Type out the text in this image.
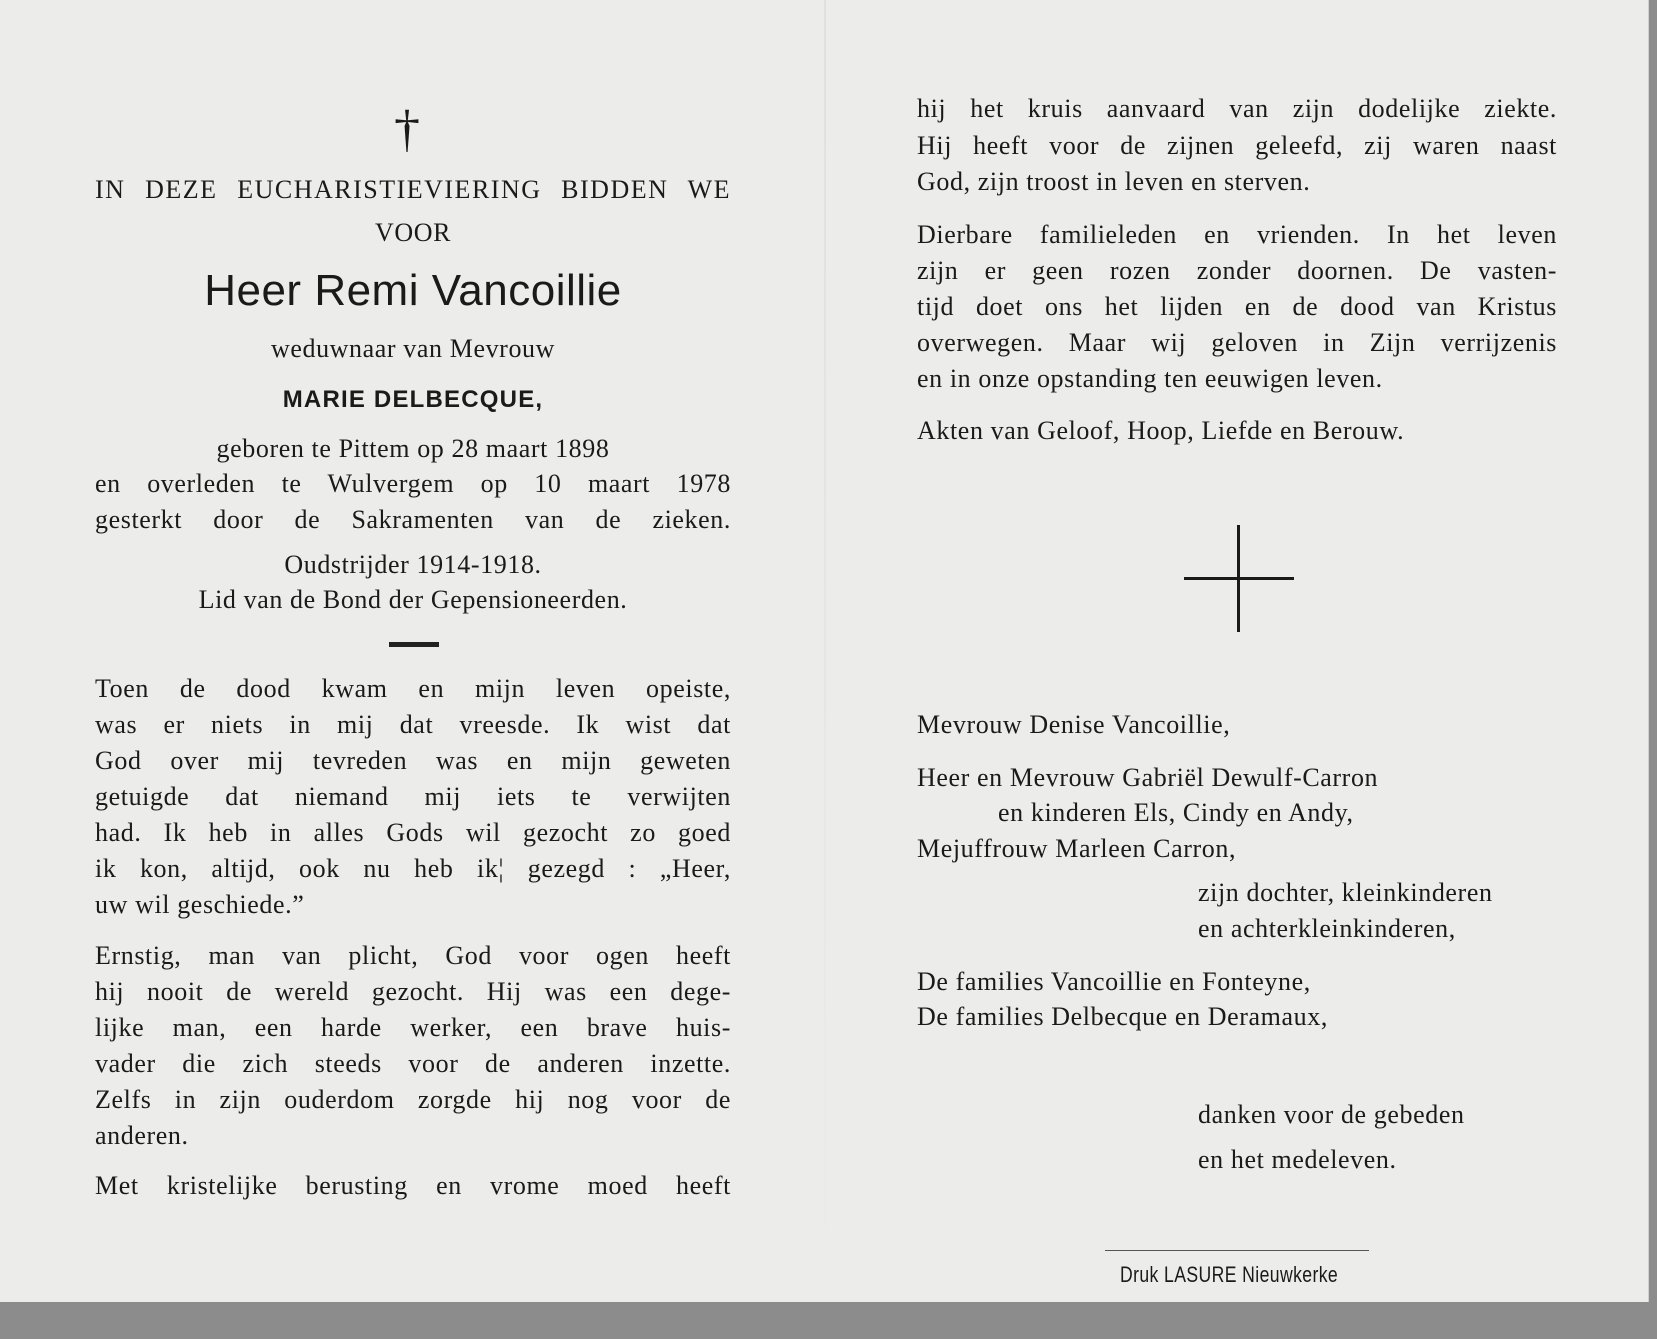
†
IN DEZE EUCHARISTIEVIERING BIDDEN WE
VOOR
Heer Remi Vancoillie
weduwnaar van Mevrouw
MARIE DELBECQUE,
geboren te Pittem op 28 maart 1898
en overleden te Wulvergem op 10 maart 1978
gesterkt door de Sakramenten van de zieken.
Oudstrijder 1914-1918.
Lid van de Bond der Gepensioneerden.
Toen de dood kwam en mijn leven opeiste,
was er niets in mij dat vreesde. Ik wist dat
God over mij tevreden was en mijn geweten
getuigde dat niemand mij iets te verwijten
had. Ik heb in alles Gods wil gezocht zo goed
ik kon, altijd, ook nu heb ik¦ gezegd : „Heer,
uw wil geschiede.”
Ernstig, man van plicht, God voor ogen heeft
hij nooit de wereld gezocht. Hij was een dege-
lijke man, een harde werker, een brave huis-
vader die zich steeds voor de anderen inzette.
Zelfs in zijn ouderdom zorgde hij nog voor de
anderen.
Met kristelijke berusting en vrome moed heeft
hij het kruis aanvaard van zijn dodelijke ziekte.
Hij heeft voor de zijnen geleefd, zij waren naast
God, zijn troost in leven en sterven.
Dierbare familieleden en vrienden. In het leven
zijn er geen rozen zonder doornen. De vasten-
tijd doet ons het lijden en de dood van Kristus
overwegen. Maar wij geloven in Zijn verrijzenis
en in onze opstanding ten eeuwigen leven.
Akten van Geloof, Hoop, Liefde en Berouw.
Mevrouw Denise Vancoillie,
Heer en Mevrouw Gabriël Dewulf-Carron
en kinderen Els, Cindy en Andy,
Mejuffrouw Marleen Carron,
zijn dochter, kleinkinderen
en achterkleinkinderen,
De families Vancoillie en Fonteyne,
De families Delbecque en Deramaux,
danken voor de gebeden
en het medeleven.
Druk LASURE Nieuwkerke
